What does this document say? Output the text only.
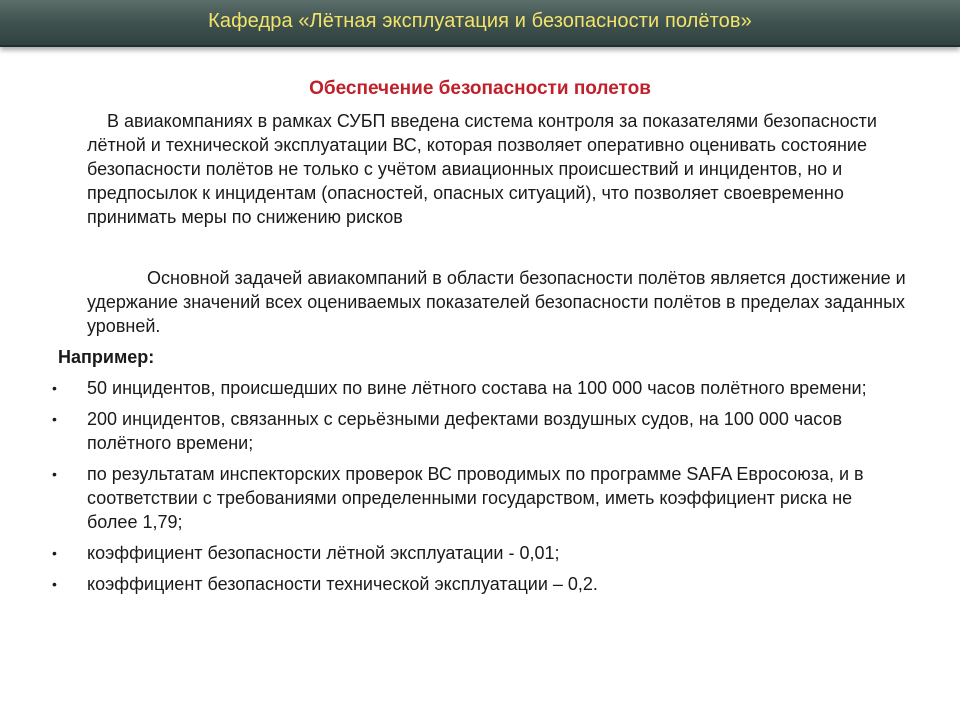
Кафедра «Лётная эксплуатация и безопасности полётов»
Обеспечение безопасности полетов

В авиакомпаниях в рамках СУБП введена система контроля за показателями безопасности лётной и технической эксплуатации ВС, которая позволяет оперативно оценивать состояние безопасности полётов не только с учётом авиационных происшествий и инцидентов, но и предпосылок к инцидентам (опасностей, опасных ситуаций), что позволяет своевременно принимать меры по снижению рисков

Основной задачей авиакомпаний в области безопасности полётов является достижение и удержание значений всех оцениваемых показателей безопасности полётов в пределах заданных уровней.

Например:
• 50 инцидентов, происшедших по вине лётного состава на 100 000 часов полётного времени;
• 200 инцидентов, связанных с серьёзными дефектами воздушных судов, на 100 000 часов полётного времени;
• по результатам инспекторских проверок ВС проводимых по программе SAFA Евросоюза, и в соответствии с требованиями определенными государством, иметь коэффициент риска не более 1,79;
• коэффициент безопасности лётной эксплуатации - 0,01;
• коэффициент безопасности технической эксплуатации – 0,2.
